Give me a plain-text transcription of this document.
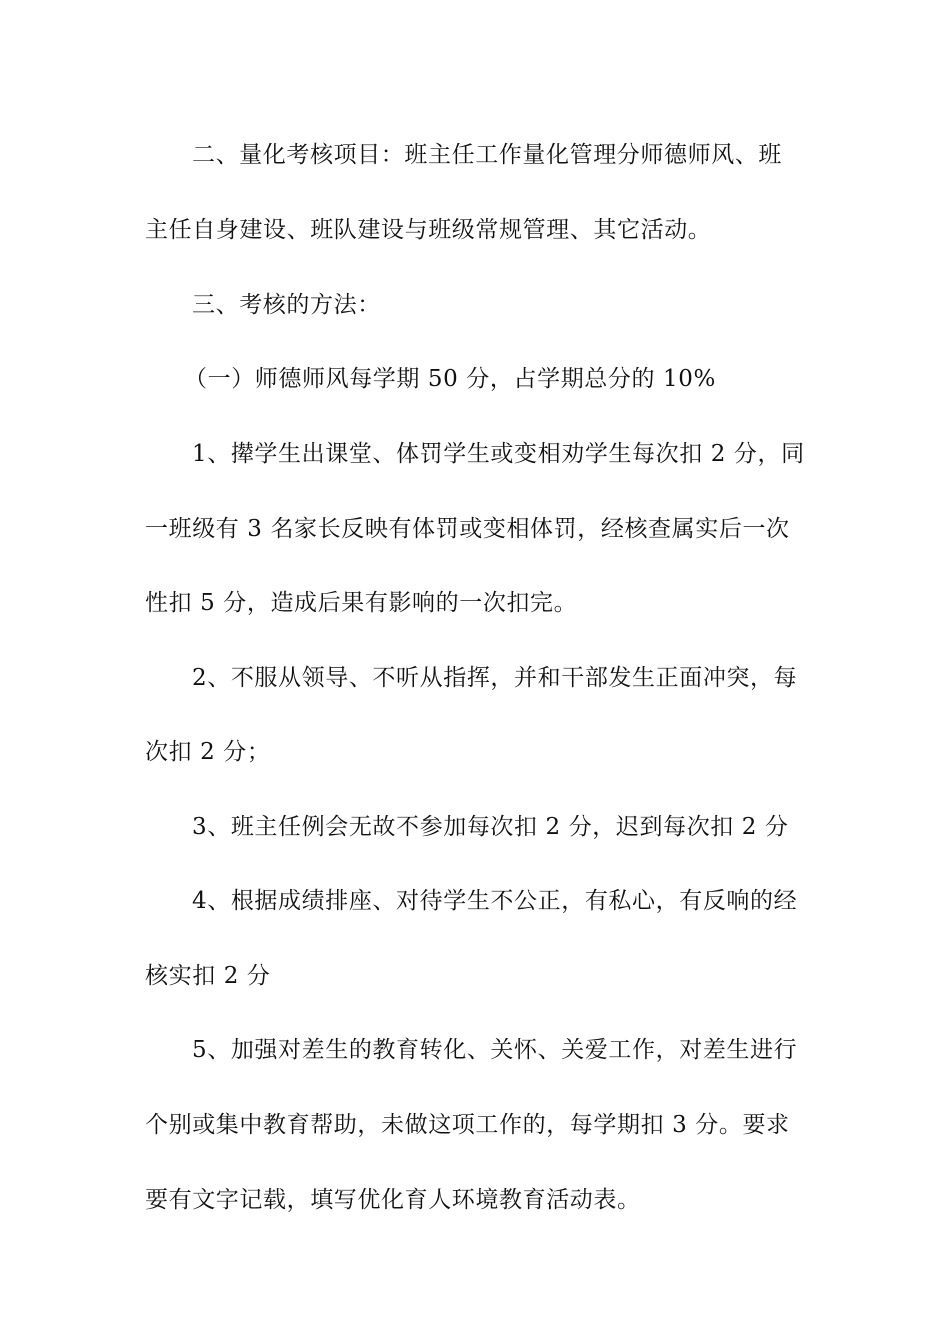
二、量化考核项目：班主任工作量化管理分师德师风、班
主任自身建设、班队建设与班级常规管理、其它活动。
三、考核的方法：
（一）师德师风每学期 50 分，占学期总分的 10%
1、撵学生出课堂、体罚学生或变相劝学生每次扣 2 分，同
一班级有 3 名家长反映有体罚或变相体罚，经核查属实后一次
性扣 5 分，造成后果有影响的一次扣完。
2、不服从领导、不听从指挥，并和干部发生正面冲突，每
次扣 2 分；
3、班主任例会无故不参加每次扣 2 分，迟到每次扣 2 分
4、根据成绩排座、对待学生不公正，有私心，有反响的经
核实扣 2 分
5、加强对差生的教育转化、关怀、关爱工作，对差生进行
个别或集中教育帮助，未做这项工作的，每学期扣 3 分。要求
要有文字记载，填写优化育人环境教育活动表。
